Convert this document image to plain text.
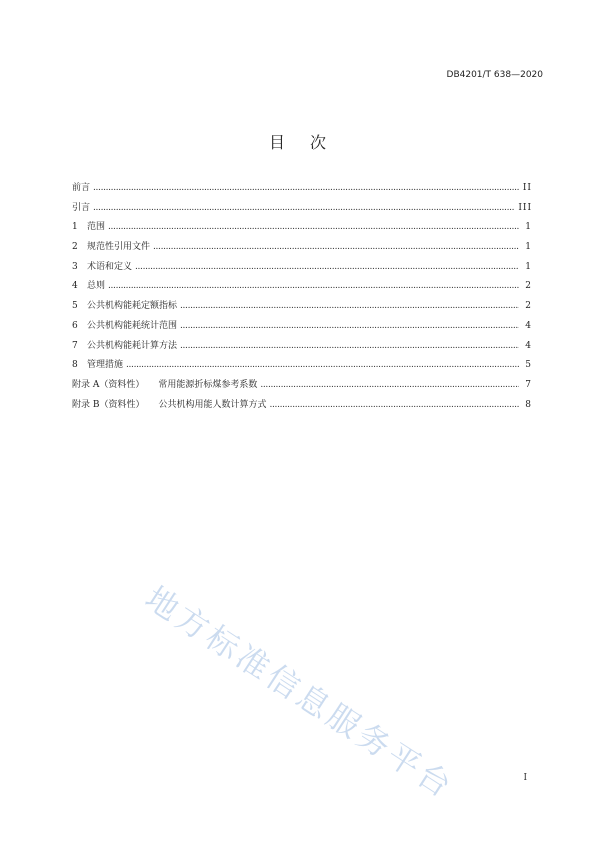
DB4201/T 638—2020
目 次
前言 . . .	II
引言 . . .	III
1	范围 . . .	1
2	规范性引用文件 . . .	1
3	术语和定义 . . .	1
4	总则 . . .	2
5	公共机构能耗定额指标 . . .	2
6	公共机构能耗统计范围 . . .	4
7	公共机构能耗计算方法 . . .	4
8	管理措施 . . .	5
附录 A（资料性） 常用能源折标煤参考系数 . . .	7
附录 B（资料性） 公共机构用能人数计算方式 . . .	8
地方标准信息服务平台	I
